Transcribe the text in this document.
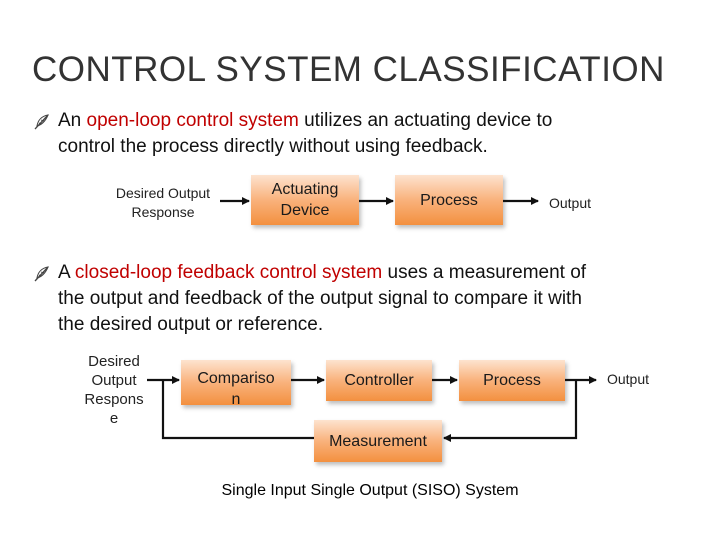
CONTROL SYSTEM CLASSIFICATION
An open-loop control system utilizes an actuating device to
control the process directly without using feedback.
Desired Output
Response
Actuating
Device
Process	Output
A closed-loop feedback control system uses a measurement of
the output and feedback of the output signal to compare it with
the desired output or reference.
Desired
Output
Respons
e
Compariso
n
Controller	Process
Measurement
Output
Single Input Single Output (SISO) System
